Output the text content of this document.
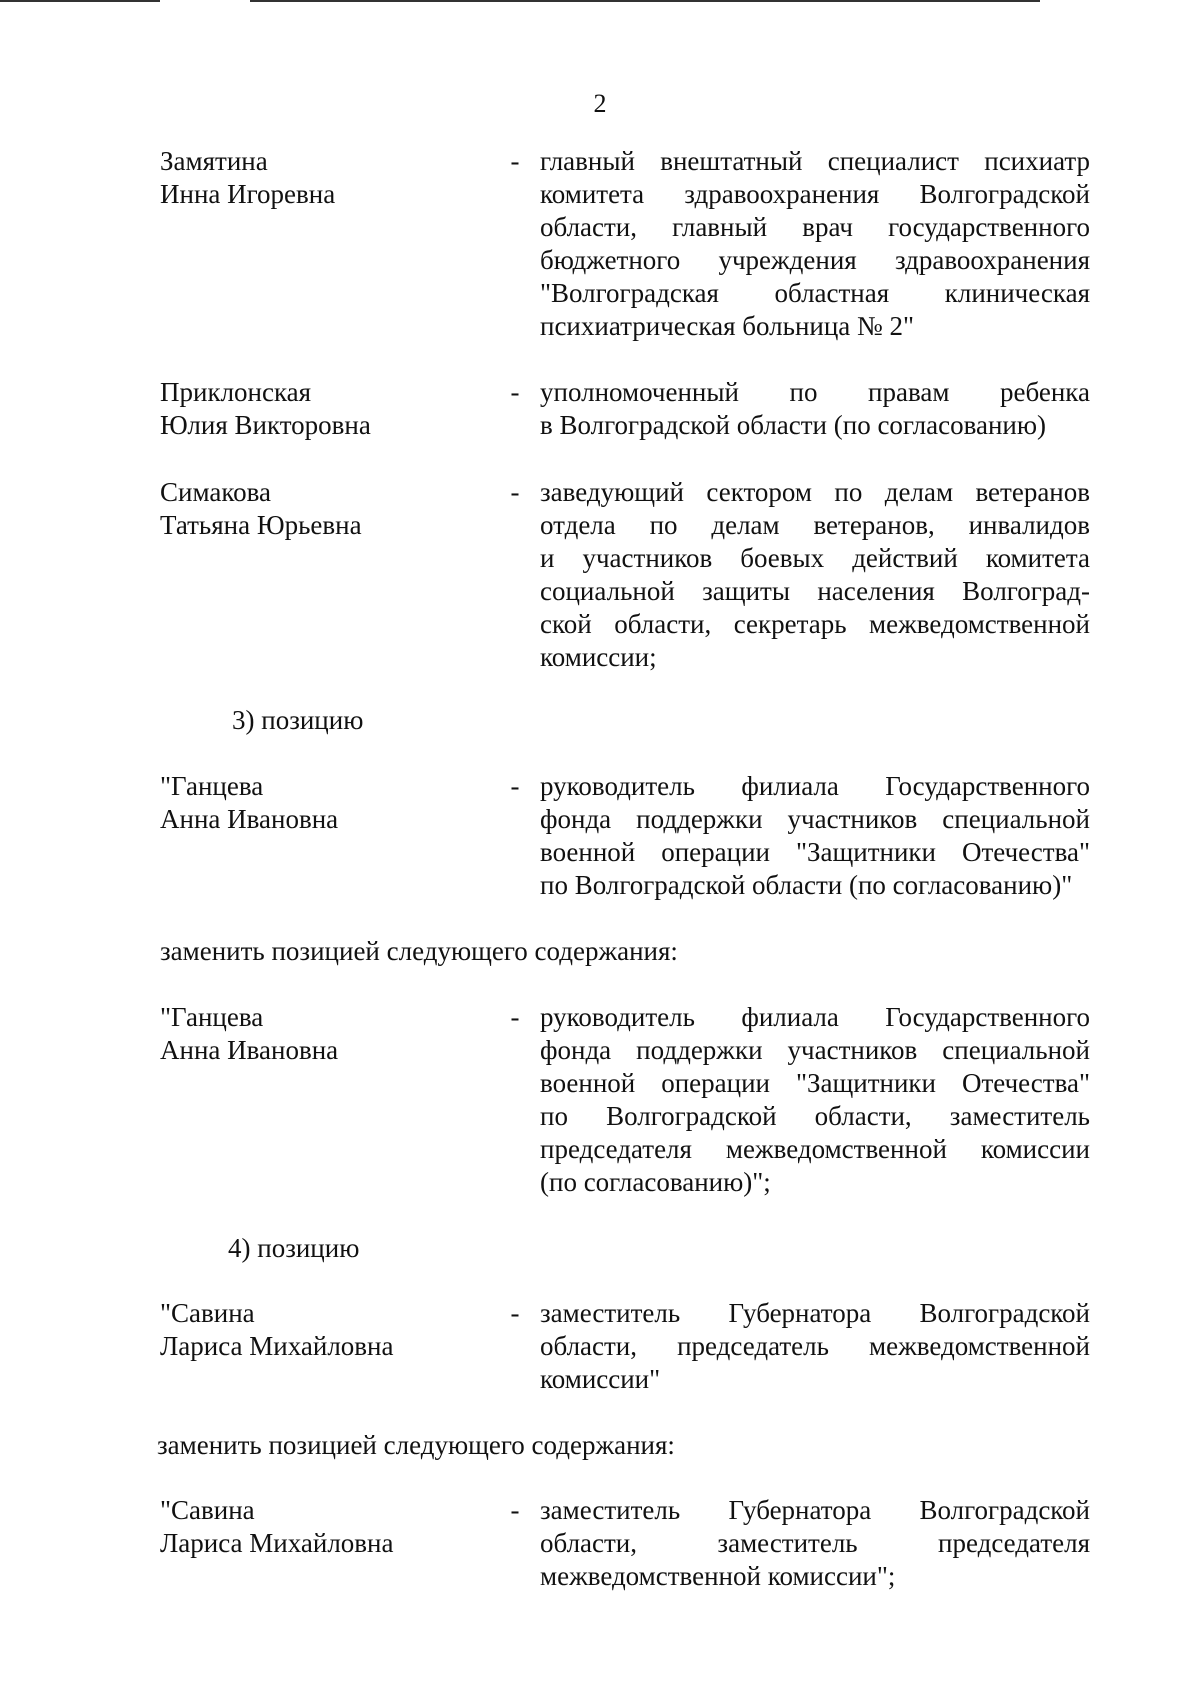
2
Замятина
Инна Игоревна
- главный внештатный специалист психиатр
комитета здравоохранения Волгоградской
области, главный врач государственного
бюджетного учреждения здравоохранения
"Волгоградская областная клиническая
психиатрическая больница № 2"
Приклонская
Юлия Викторовна
- уполномоченный по правам ребенка
в Волгоградской области (по согласованию)
Симакова
Татьяна Юрьевна
- заведующий сектором по делам ветеранов
отдела по делам ветеранов, инвалидов
и участников боевых действий комитета
социальной защиты населения Волгоград-
ской области, секретарь межведомственной
комиссии;
3) позицию
"Ганцева
Анна Ивановна
- руководитель филиала Государственного
фонда поддержки участников специальной
военной операции "Защитники Отечества"
по Волгоградской области (по согласованию)"
заменить позицией следующего содержания:
"Ганцева
Анна Ивановна
- руководитель филиала Государственного
фонда поддержки участников специальной
военной операции "Защитники Отечества"
по Волгоградской области, заместитель
председателя межведомственной комиссии
(по согласованию)";
4) позицию
"Савина
Лариса Михайловна
- заместитель Губернатора Волгоградской
области, председатель межведомственной
комиссии"
заменить позицией следующего содержания:
"Савина
Лариса Михайловна
- заместитель Губернатора Волгоградской
области, заместитель председателя
межведомственной комиссии";
